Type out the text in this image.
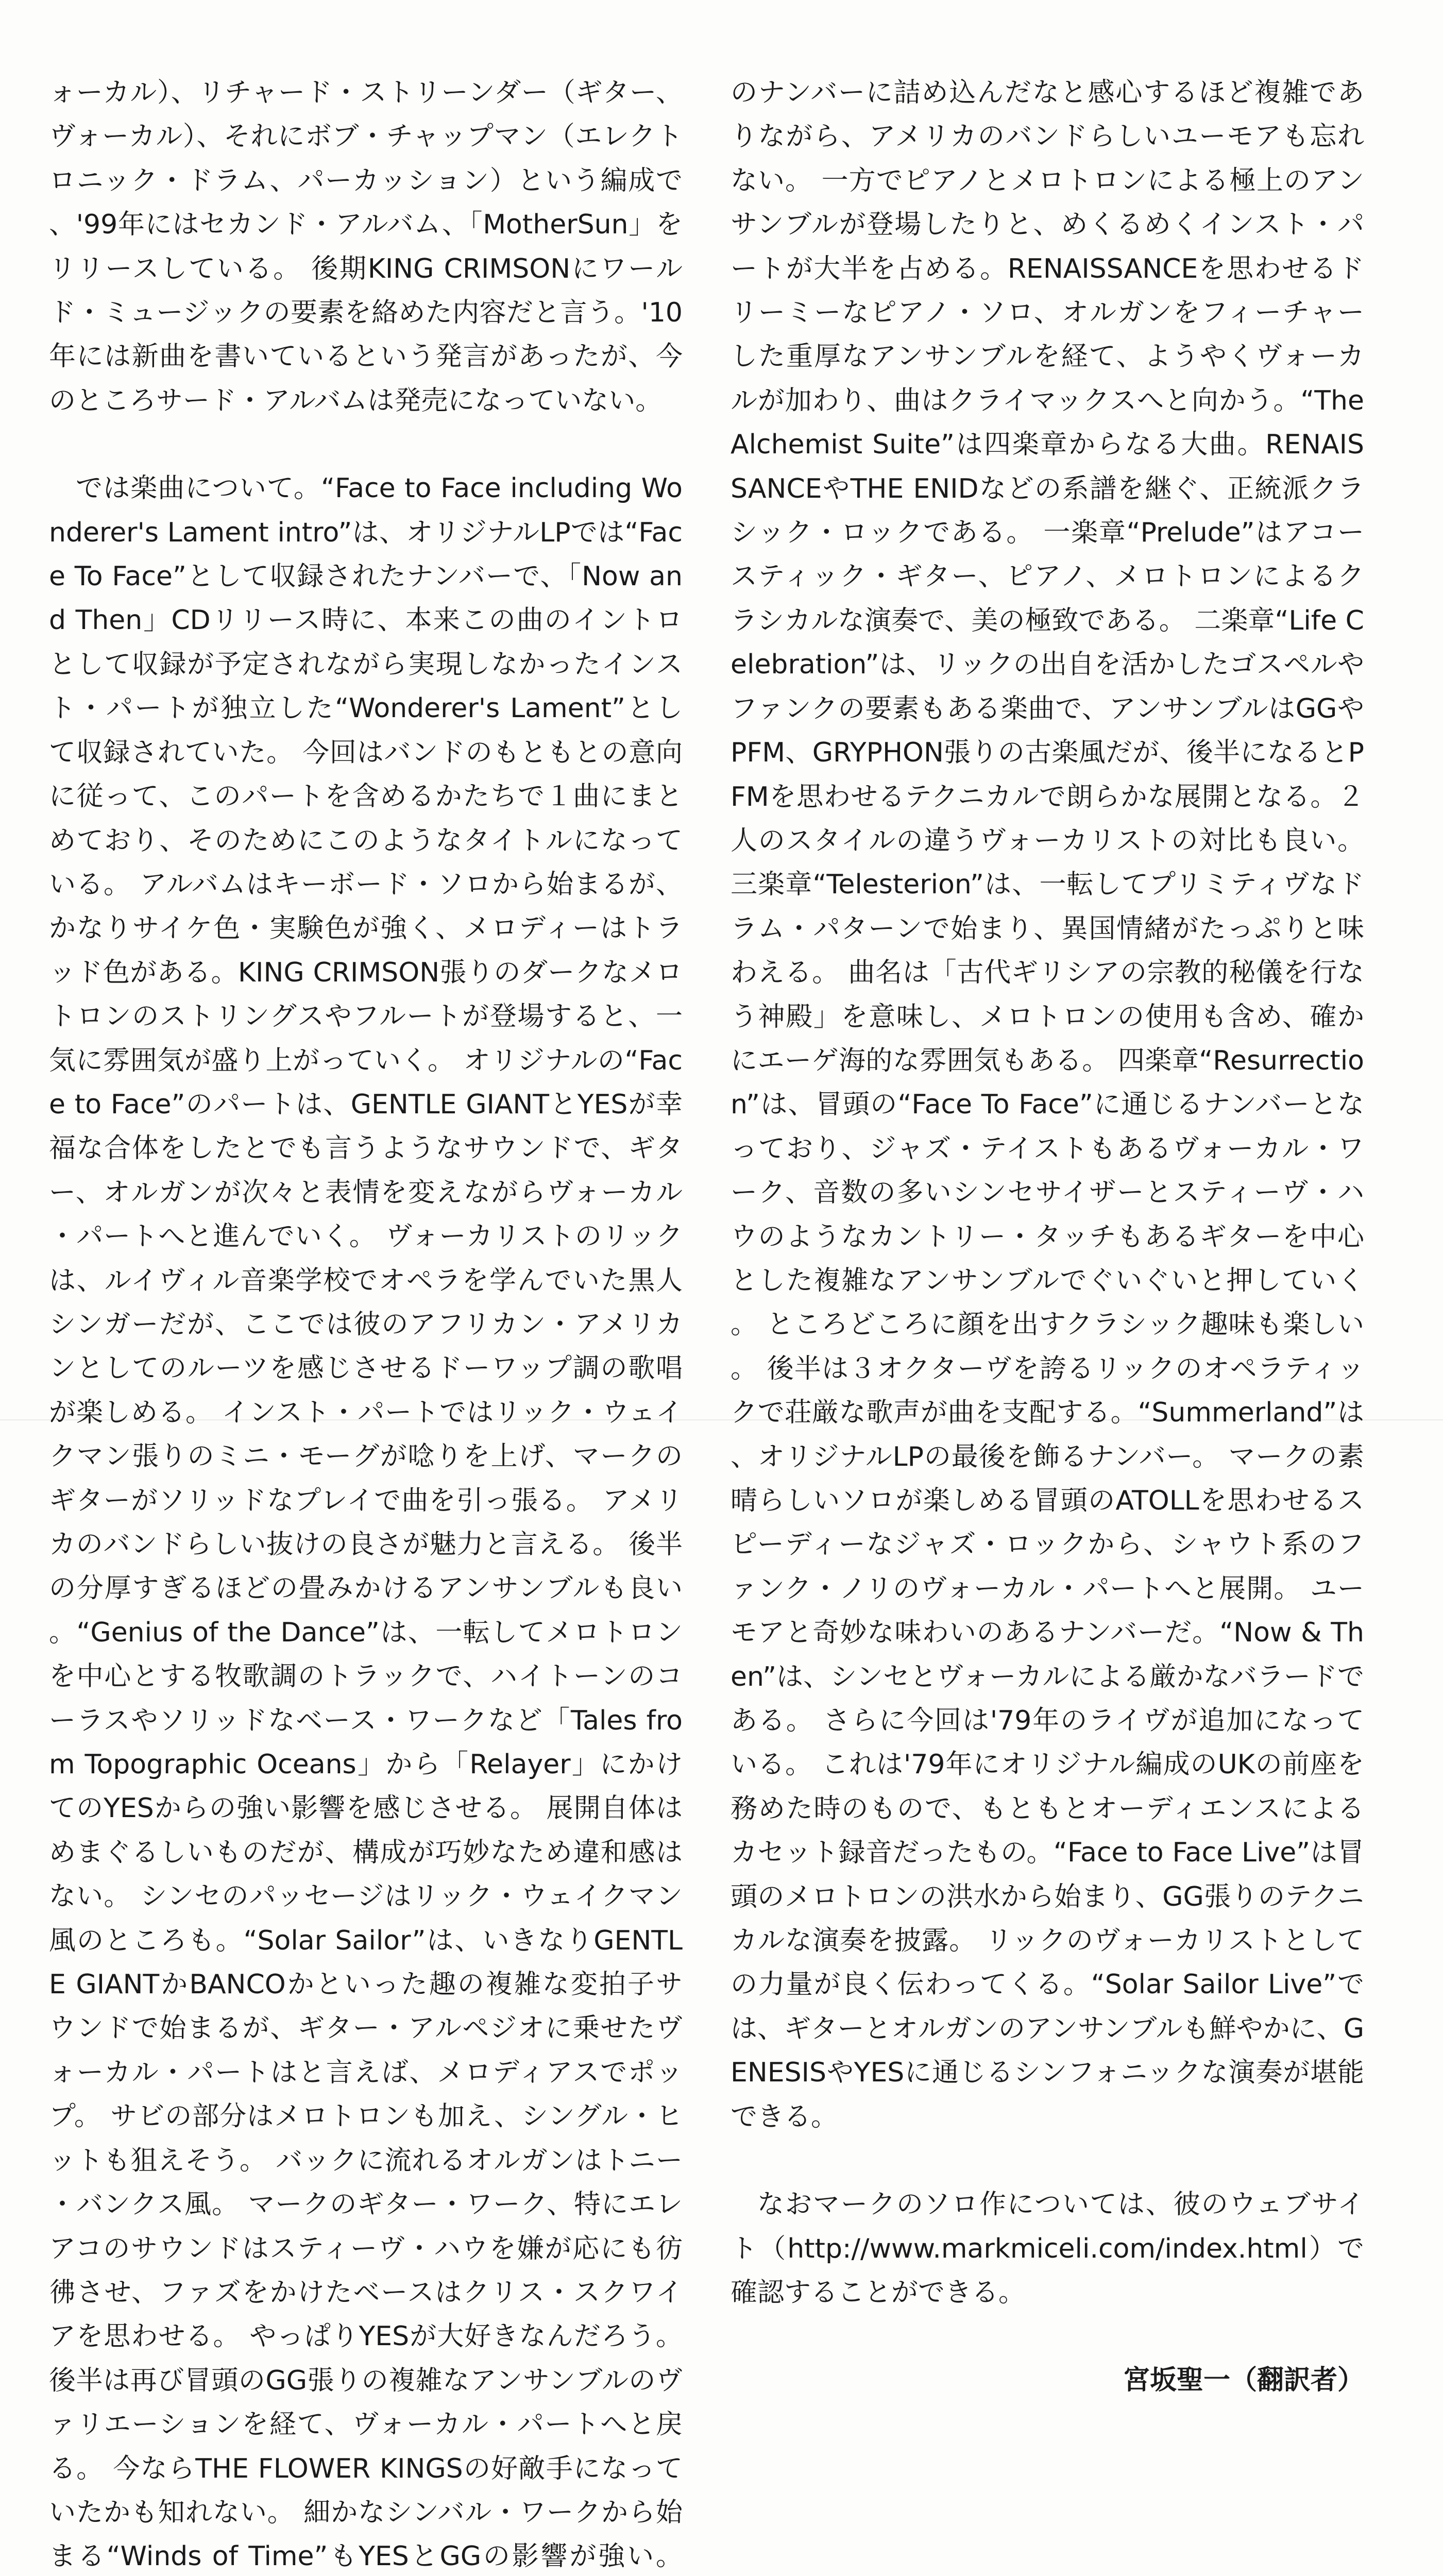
ォーカル）、リチャード・ストリーンダー（ギター、ヴォーカル）、それにボブ・チャップマン（エレクトロニック・ドラム、パーカッション）という編成で、'99年にはセカンド・アルバム、「MotherSun」をリリースしている。 後期KING CRIMSONにワールド・ミュージックの要素を絡めた内容だと言う。'10年には新曲を書いているという発言があったが、今のところサード・アルバムは発売になっていない。

では楽曲について。“Face to Face including Wonderer's Lament intro”は、オリジナルLPでは“Face To Face”として収録されたナンバーで、「Now and Then」CDリリース時に、本来この曲のイントロとして収録が予定されながら実現しなかったインスト・パートが独立した“Wonderer's Lament”として収録されていた。 今回はバンドのもともとの意向に従って、このパートを含めるかたちで１曲にまとめており、そのためにこのようなタイトルになっている。 アルバムはキーボード・ソロから始まるが、かなりサイケ色・実験色が強く、メロディーはトラッド色がある。KING CRIMSON張りのダークなメロトロンのストリングスやフルートが登場すると、一気に雰囲気が盛り上がっていく。 オリジナルの“Face to Face”のパートは、GENTLE GIANTとYESが幸福な合体をしたとでも言うようなサウンドで、ギター、オルガンが次々と表情を変えながらヴォーカル・パートへと進んでいく。 ヴォーカリストのリックは、ルイヴィル音楽学校でオペラを学んでいた黒人シンガーだが、ここでは彼のアフリカン・アメリカンとしてのルーツを感じさせるドーワップ調の歌唱が楽しめる。 インスト・パートではリック・ウェイクマン張りのミニ・モーグが唸りを上げ、マークのギターがソリッドなプレイで曲を引っ張る。 アメリカのバンドらしい抜けの良さが魅力と言える。 後半の分厚すぎるほどの畳みかけるアンサンブルも良い。“Genius of the Dance”は、一転してメロトロンを中心とする牧歌調のトラックで、ハイトーンのコーラスやソリッドなベース・ワークなど「Tales from Topographic Oceans」から「Relayer」にかけてのYESからの強い影響を感じさせる。 展開自体はめまぐるしいものだが、構成が巧妙なため違和感はない。 シンセのパッセージはリック・ウェイクマン風のところも。“Solar Sailor”は、いきなりGENTLE GIANTかBANCOかといった趣の複雑な変拍子サウンドで始まるが、ギター・アルペジオに乗せたヴォーカル・パートはと言えば、メロディアスでポップ。 サビの部分はメロトロンも加え、シングル・ヒットも狙えそう。 バックに流れるオルガンはトニー・バンクス風。 マークのギター・ワーク、特にエレアコのサウンドはスティーヴ・ハウを嫌が応にも彷彿させ、ファズをかけたベースはクリス・スクワイアを思わせる。 やっぱりYESが大好きなんだろう。 後半は再び冒頭のGG張りの複雑なアンサンブルのヴァリエーションを経て、ヴォーカル・パートへと戻る。 今ならTHE FLOWER KINGSの好敵手になっていたかも知れない。 細かなシンバル・ワークから始まる“Winds of Time”もYESとGGの影響が強い。

のナンバーに詰め込んだなと感心するほど複雑でありながら、アメリカのバンドらしいユーモアも忘れない。 一方でピアノとメロトロンによる極上のアンサンブルが登場したりと、めくるめくインスト・パートが大半を占める。RENAISSANCEを思わせるドリーミーなピアノ・ソロ、オルガンをフィーチャーした重厚なアンサンブルを経て、ようやくヴォーカルが加わり、曲はクライマックスへと向かう。“The Alchemist Suite”は四楽章からなる大曲。RENAISSANCEやTHE ENIDなどの系譜を継ぐ、正統派クラシック・ロックである。 一楽章“Prelude”はアコースティック・ギター、ピアノ、メロトロンによるクラシカルな演奏で、美の極致である。 二楽章“Life Celebration”は、リックの出自を活かしたゴスペルやファンクの要素もある楽曲で、アンサンブルはGGやPFM、GRYPHON張りの古楽風だが、後半になるとPFMを思わせるテクニカルで朗らかな展開となる。２人のスタイルの違うヴォーカリストの対比も良い。三楽章“Telesterion”は、一転してプリミティヴなドラム・パターンで始まり、異国情緒がたっぷりと味わえる。 曲名は「古代ギリシアの宗教的秘儀を行なう神殿」を意味し、メロトロンの使用も含め、確かにエーゲ海的な雰囲気もある。 四楽章“Resurrection”は、冒頭の“Face To Face”に通じるナンバーとなっており、ジャズ・テイストもあるヴォーカル・ワーク、音数の多いシンセサイザーとスティーヴ・ハウのようなカントリー・タッチもあるギターを中心とした複雑なアンサンブルでぐいぐいと押していく。 ところどころに顔を出すクラシック趣味も楽しい。 後半は３オクターヴを誇るリックのオペラティックで荘厳な歌声が曲を支配する。“Summerland”は、オリジナルLPの最後を飾るナンバー。 マークの素晴らしいソロが楽しめる冒頭のATOLLを思わせるスピーディーなジャズ・ロックから、シャウト系のファンク・ノリのヴォーカル・パートへと展開。 ユーモアと奇妙な味わいのあるナンバーだ。“Now & Then”は、シンセとヴォーカルによる厳かなバラードである。 さらに今回は'79年のライヴが追加になっている。 これは'79年にオリジナル編成のUKの前座を務めた時のもので、もともとオーディエンスによるカセット録音だったもの。“Face to Face Live”は冒頭のメロトロンの洪水から始まり、GG張りのテクニカルな演奏を披露。 リックのヴォーカリストとしての力量が良く伝わってくる。“Solar Sailor Live”では、ギターとオルガンのアンサンブルも鮮やかに、GENESISやYESに通じるシンフォニックな演奏が堪能できる。

なおマークのソロ作については、彼のウェブサイト（http://www.markmiceli.com/index.html）で確認することができる。

宮坂聖一（翻訳者）
